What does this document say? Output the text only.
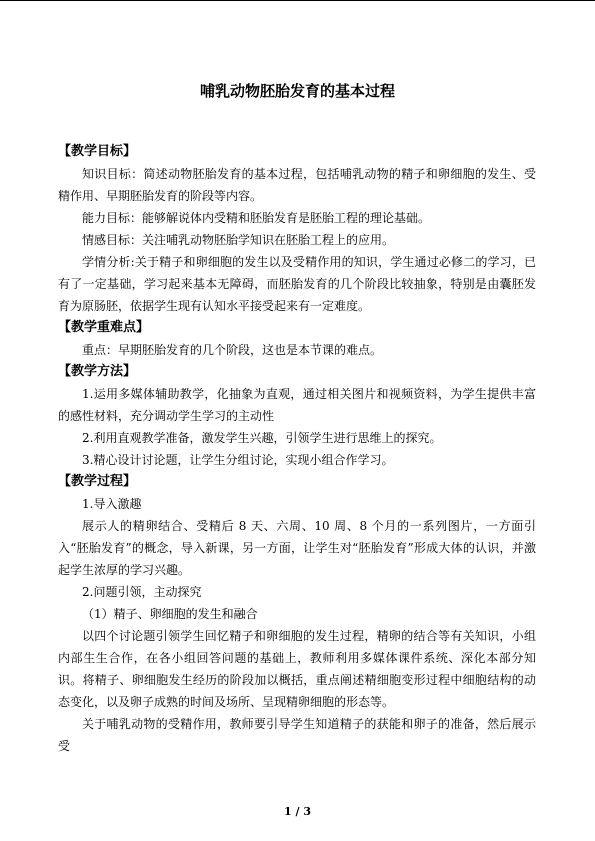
哺乳动物胚胎发育的基本过程

【教学目标】

知识目标：简述动物胚胎发育的基本过程，包括哺乳动物的精子和卵细胞的发生、受精作用、早期胚胎发育的阶段等内容。

能力目标：能够解说体内受精和胚胎发育是胚胎工程的理论基础。

情感目标：关注哺乳动物胚胎学知识在胚胎工程上的应用。

学情分析:关于精子和卵细胞的发生以及受精作用的知识，学生通过必修二的学习，已有了一定基础，学习起来基本无障碍，而胚胎发育的几个阶段比较抽象，特别是由囊胚发育为原肠胚，依据学生现有认知水平接受起来有一定难度。

【教学重难点】

重点：早期胚胎发育的几个阶段，这也是本节课的难点。

【教学方法】

1.运用多媒体辅助教学，化抽象为直观，通过相关图片和视频资料，为学生提供丰富的感性材料，充分调动学生学习的主动性

2.利用直观教学准备，激发学生兴趣，引领学生进行思维上的探究。

3.精心设计讨论题，让学生分组讨论，实现小组合作学习。

【教学过程】

1.导入激趣

展示人的精卵结合、受精后 8 天、六周、10 周、8 个月的一系列图片，一方面引入“胚胎发育”的概念，导入新课，另一方面，让学生对“胚胎发育”形成大体的认识，并激起学生浓厚的学习兴趣。

2.问题引领，主动探究

（1）精子、卵细胞的发生和融合

以四个讨论题引领学生回忆精子和卵细胞的发生过程，精卵的结合等有关知识，小组内部生生合作，在各小组回答问题的基础上，教师利用多媒体课件系统、深化本部分知识。将精子、卵细胞发生经历的阶段加以概括，重点阐述精细胞变形过程中细胞结构的动态变化，以及卵子成熟的时间及场所、呈现精卵细胞的形态等。

关于哺乳动物的受精作用，教师要引导学生知道精子的获能和卵子的准备，然后展示受

1 / 3
